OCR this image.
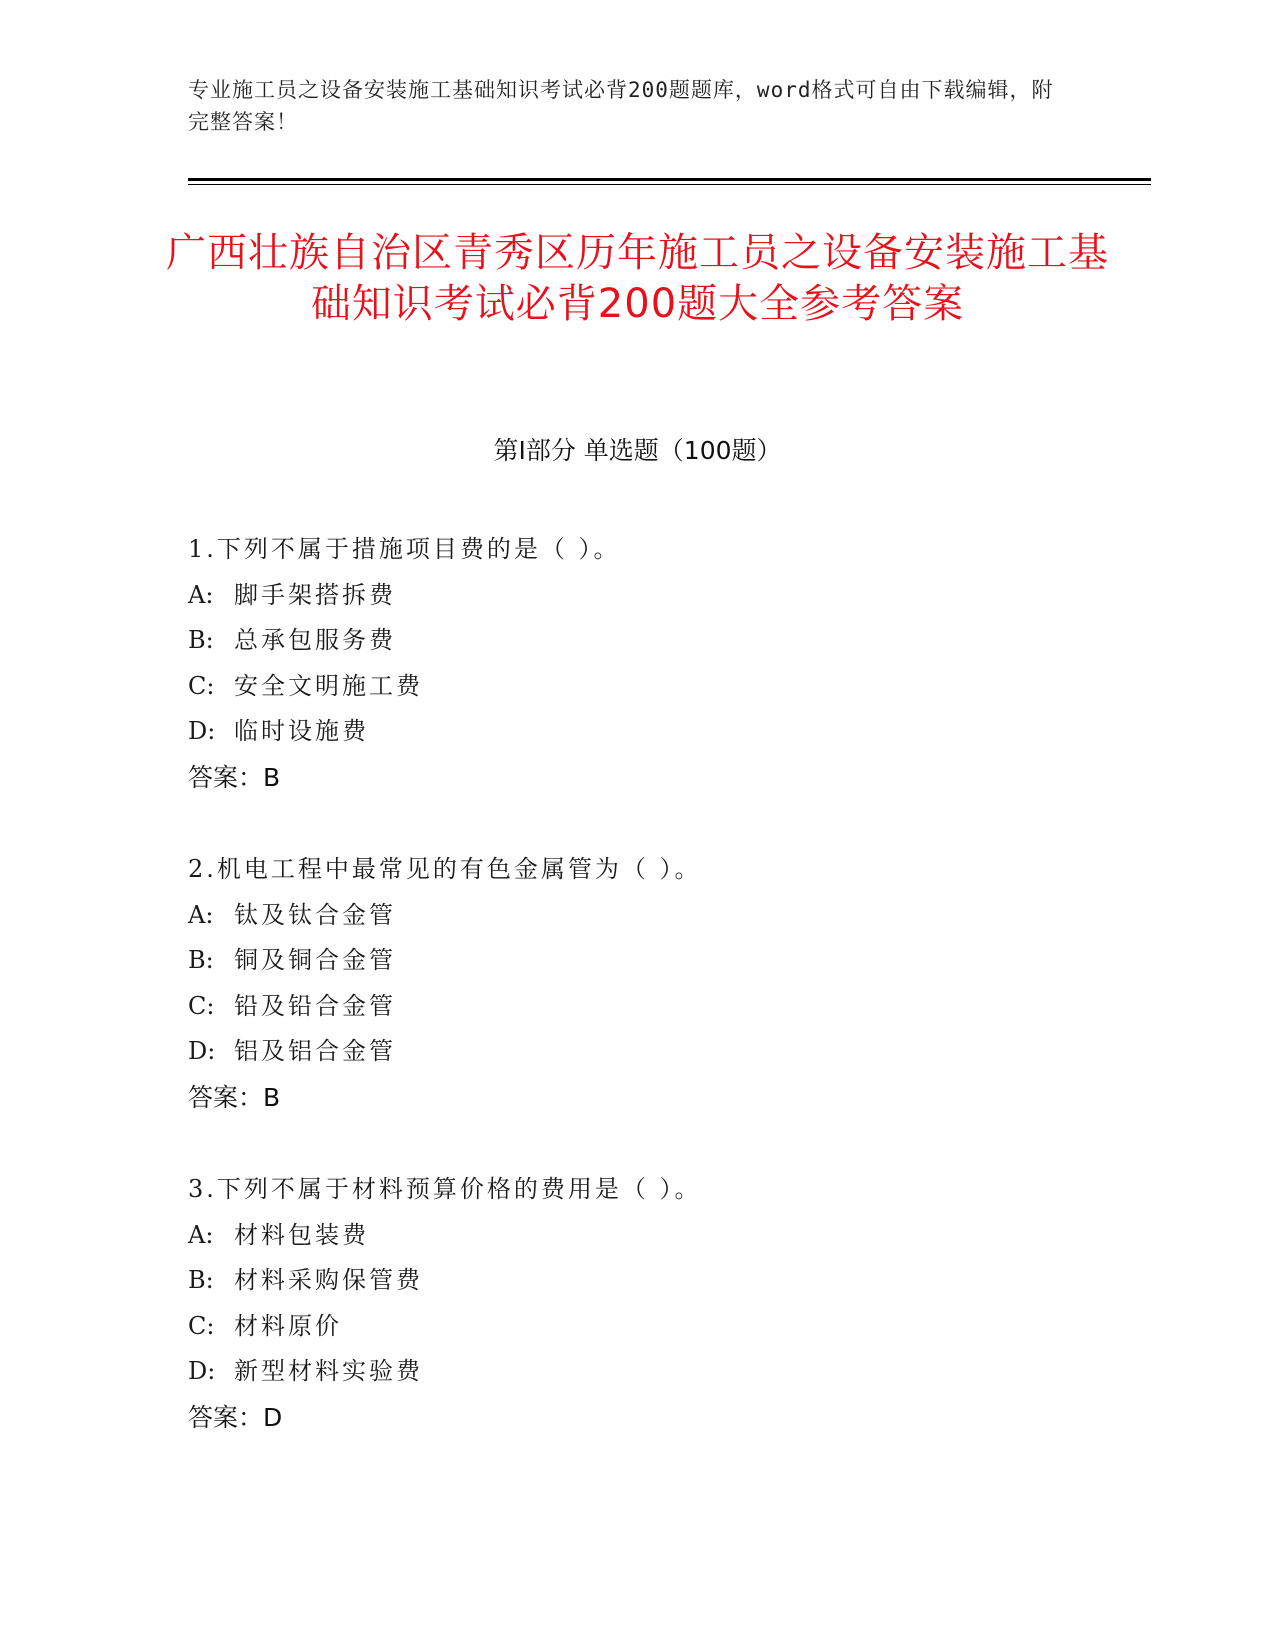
专业施工员之设备安装施工基础知识考试必背200题题库，word格式可自由下载编辑，附完整答案！
广西壮族自治区青秀区历年施工员之设备安装施工基础知识考试必背200题大全参考答案
第Ⅰ部分 单选题（100题）
1.下列不属于措施项目费的是（ ）。
A: 脚手架搭拆费
B: 总承包服务费
C: 安全文明施工费
D: 临时设施费
答案：B
2.机电工程中最常见的有色金属管为（ ）。
A: 钛及钛合金管
B: 铜及铜合金管
C: 铅及铅合金管
D: 铝及铝合金管
答案：B
3.下列不属于材料预算价格的费用是（ ）。
A: 材料包装费
B: 材料采购保管费
C: 材料原价
D: 新型材料实验费
答案：D
